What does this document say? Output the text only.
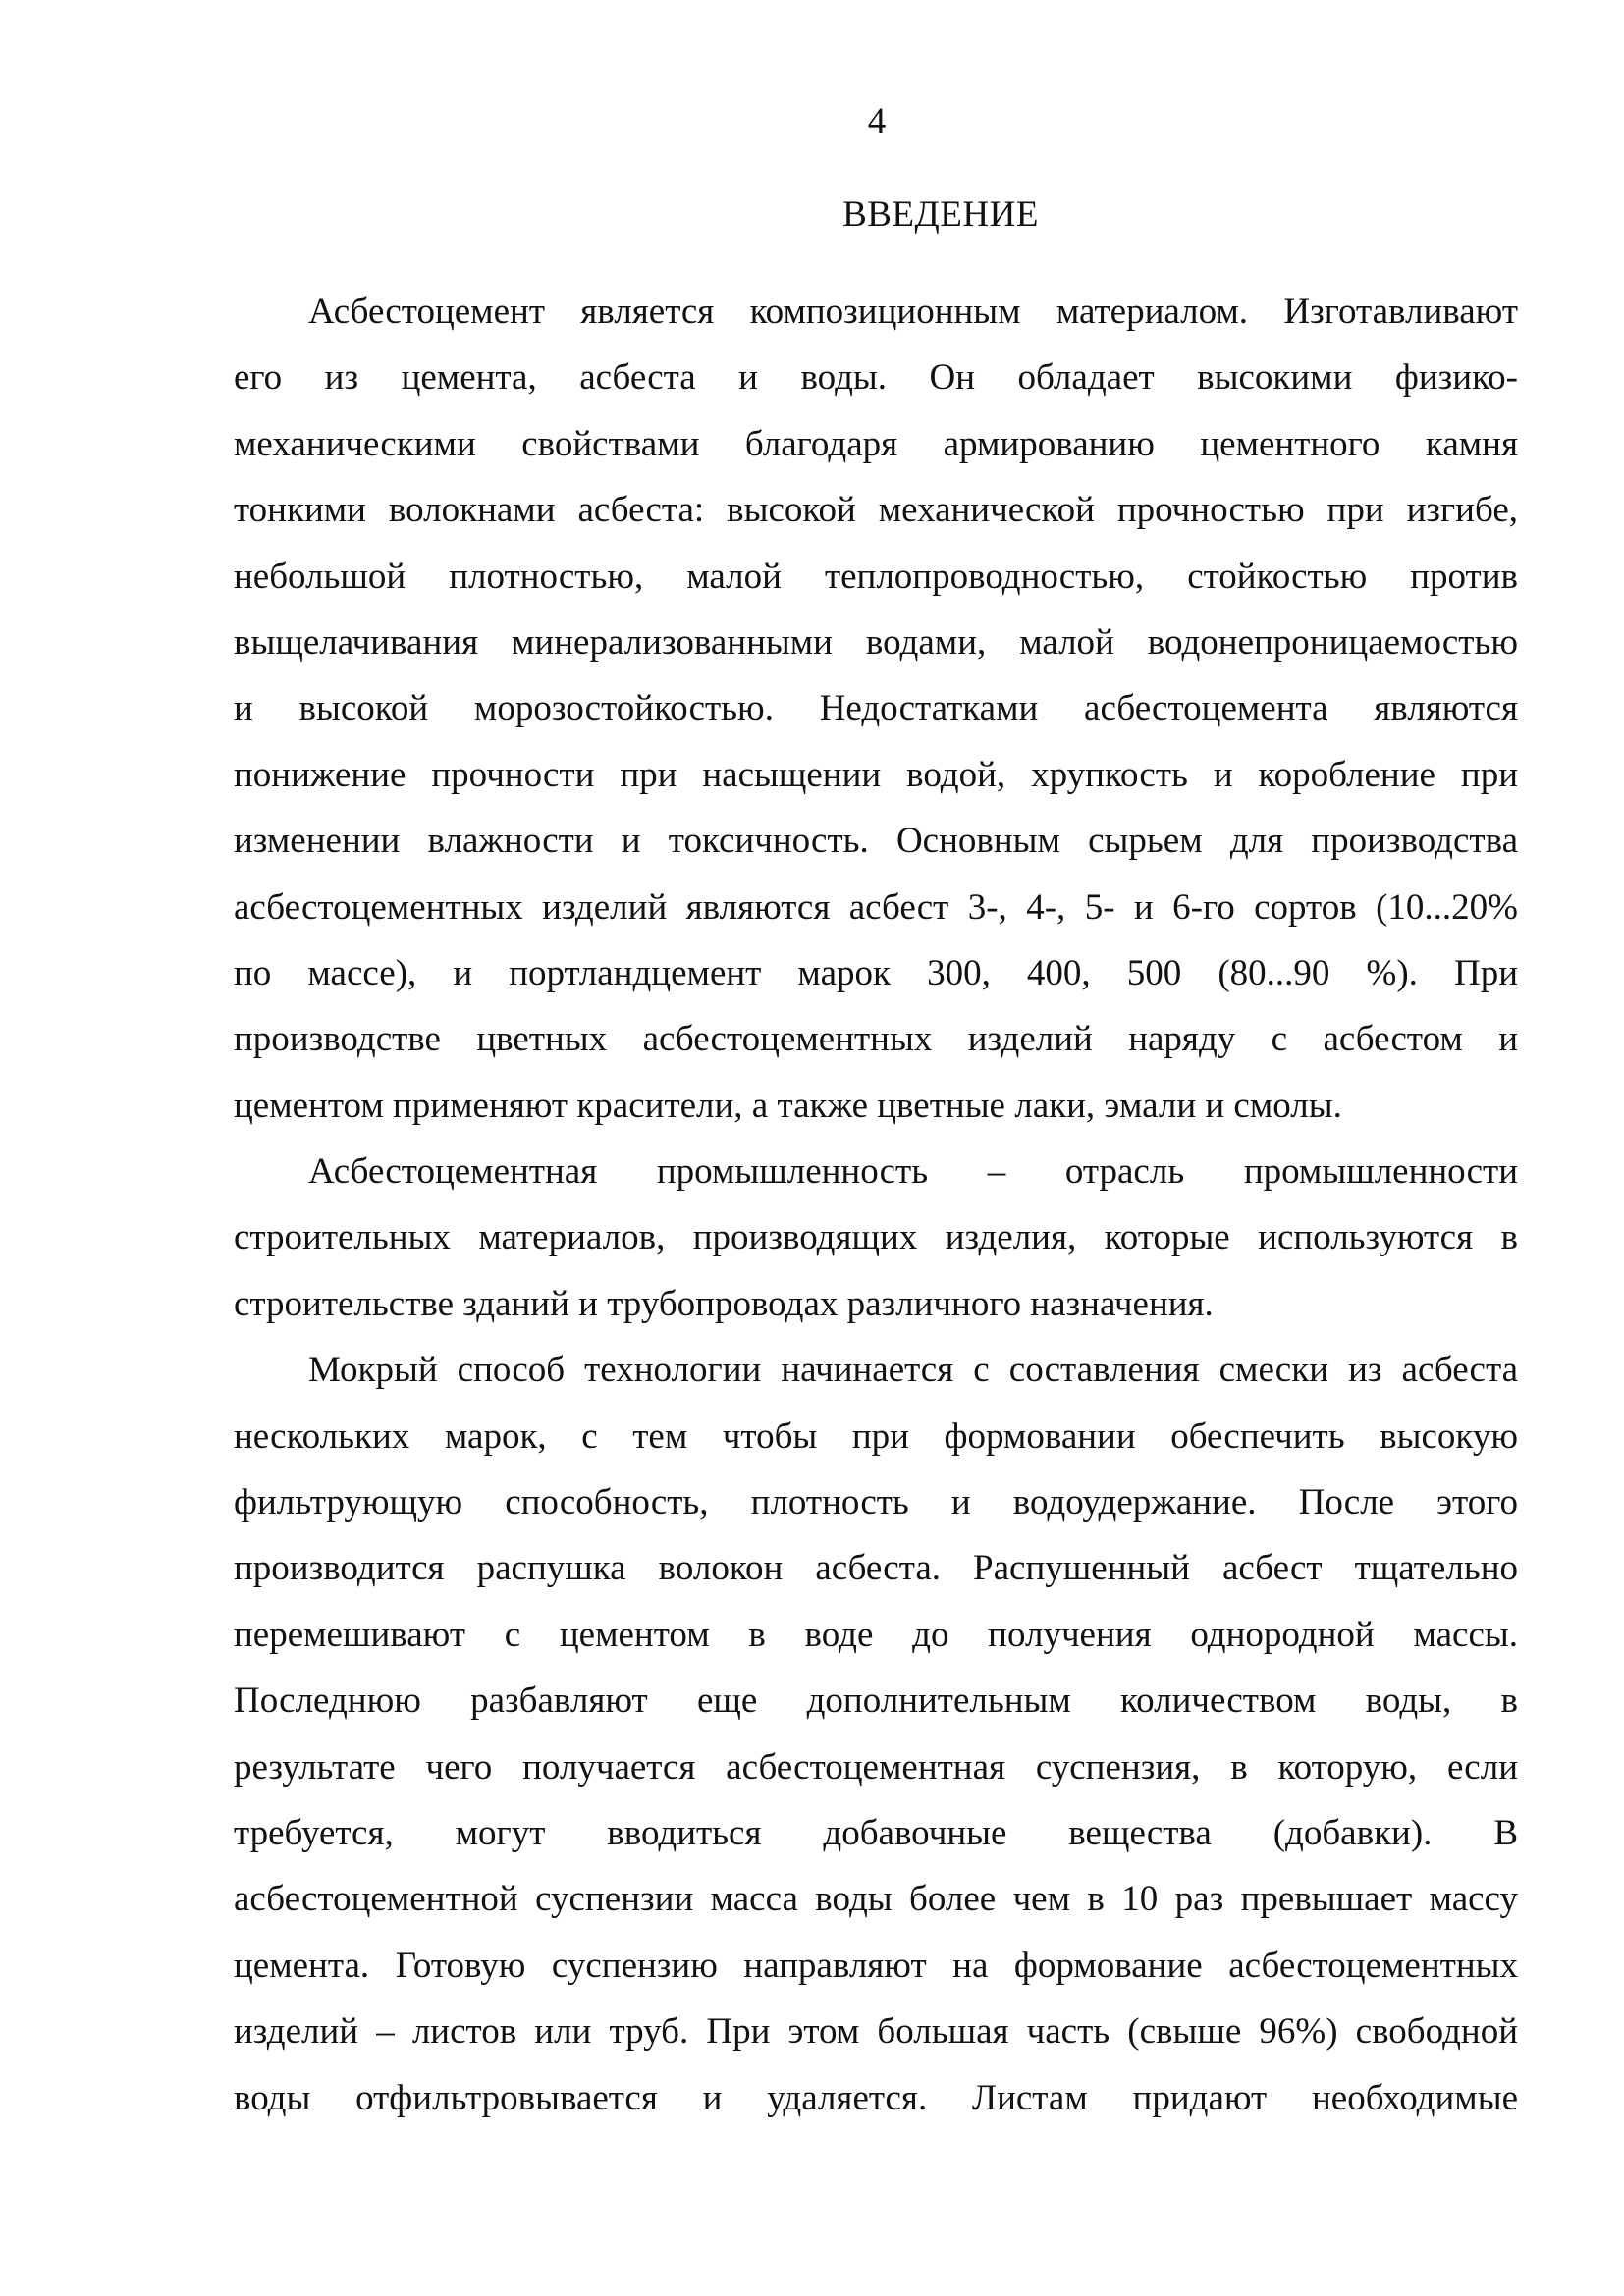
4
ВВЕДЕНИЕ
Асбестоцемент является композиционным материалом. Изготавливают
его из цемента, асбеста и воды. Он обладает высокими физико-
механическими свойствами благодаря армированию цементного камня
тонкими волокнами асбеста: высокой механической прочностью при изгибе,
небольшой плотностью, малой теплопроводностью, стойкостью против
выщелачивания минерализованными водами, малой водонепроницаемостью
и высокой морозостойкостью. Недостатками асбестоцемента являются
понижение прочности при насыщении водой, хрупкость и коробление при
изменении влажности и токсичность. Основным сырьем для производства
асбестоцементных изделий являются асбест 3-, 4-, 5- и 6-го сортов (10...20%
по массе), и портландцемент марок 300, 400, 500 (80...90 %). При
производстве цветных асбестоцементных изделий наряду с асбестом и
цементом применяют красители, а также цветные лаки, эмали и смолы.
Асбестоцементная промышленность – отрасль промышленности
строительных материалов, производящих изделия, которые используются в
строительстве зданий и трубопроводах различного назначения.
Мокрый способ технологии начинается с составления смески из асбеста
нескольких марок, с тем чтобы при формовании обеспечить высокую
фильтрующую способность, плотность и водоудержание. После этого
производится распушка волокон асбеста. Распушенный асбест тщательно
перемешивают с цементом в воде до получения однородной массы.
Последнюю разбавляют еще дополнительным количеством воды, в
результате чего получается асбестоцементная суспензия, в которую, если
требуется, могут вводиться добавочные вещества (добавки). В
асбестоцементной суспензии масса воды более чем в 10 раз превышает массу
цемента. Готовую суспензию направляют на формование асбестоцементных
изделий – листов или труб. При этом большая часть (свыше 96%) свободной
воды отфильтровывается и удаляется. Листам придают необходимые
